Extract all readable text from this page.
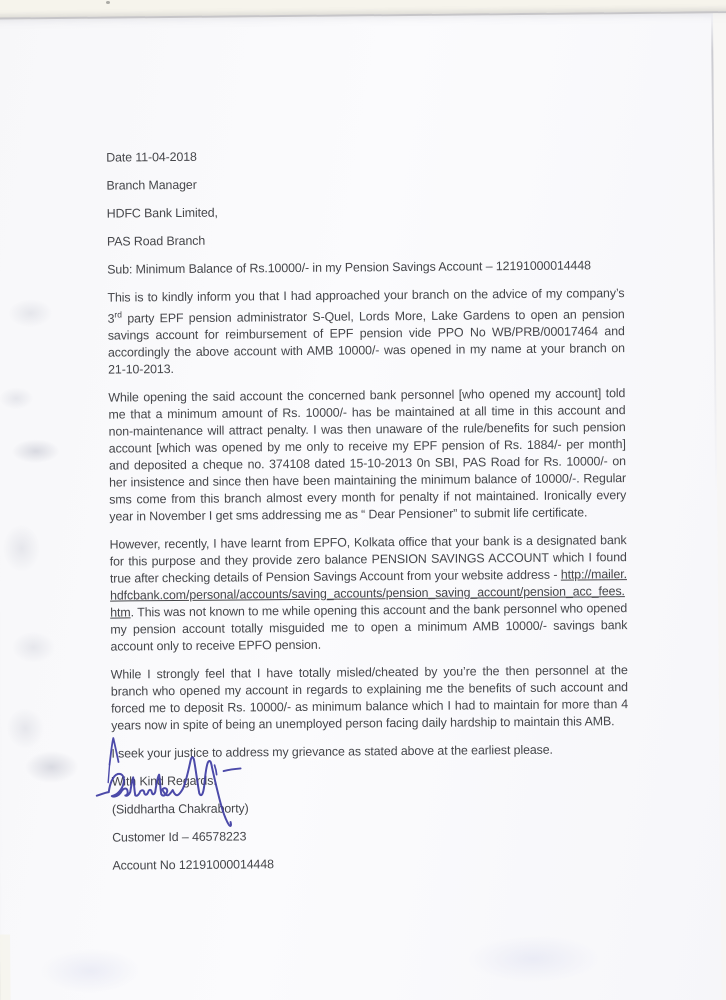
Date 11-04-2018

Branch Manager

HDFC Bank Limited,

PAS Road Branch

Sub: Minimum Balance of Rs.10000/- in my Pension Savings Account – 12191000014448

This is to kindly inform you that I had approached your branch on the advice of my company’s 3rd party EPF pension administrator S-Quel, Lords More, Lake Gardens to open an pension savings account for reimbursement of EPF pension vide PPO No WB/PRB/00017464 and accordingly the above account with AMB 10000/- was opened in my name at your branch on 21-10-2013.

While opening the said account the concerned bank personnel [who opened my account] told me that a minimum amount of Rs. 10000/- has be maintained at all time in this account and non-maintenance will attract penalty. I was then unaware of the rule/benefits for such pension account [which was opened by me only to receive my EPF pension of Rs. 1884/- per month] and deposited a cheque no. 374108 dated 15-10-2013 0n SBI, PAS Road for Rs. 10000/- on her insistence and since then have been maintaining the minimum balance of 10000/-. Regular sms come from this branch almost every month for penalty if not maintained. Ironically every year in November I get sms addressing me as “ Dear Pensioner” to submit life certificate.

However, recently, I have learnt from EPFO, Kolkata office that your bank is a designated bank for this purpose and they provide zero balance PENSION SAVINGS ACCOUNT which I found true after checking details of Pension Savings Account from your website address - http://mailer.hdfcbank.com/personal/accounts/saving_accounts/pension_saving_account/pension_acc_fees.htm. This was not known to me while opening this account and the bank personnel who opened my pension account totally misguided me to open a minimum AMB 10000/- savings bank account only to receive EPFO pension.

While I strongly feel that I have totally misled/cheated by you’re the then personnel at the branch who opened my account in regards to explaining me the benefits of such account and forced me to deposit Rs. 10000/- as minimum balance which I had to maintain for more than 4 years now in spite of being an unemployed person facing daily hardship to maintain this AMB.

I seek your justice to address my grievance as stated above at the earliest please.

With Kind Regards.

(Siddhartha Chakraborty)

Customer Id – 46578223

Account No 12191000014448
